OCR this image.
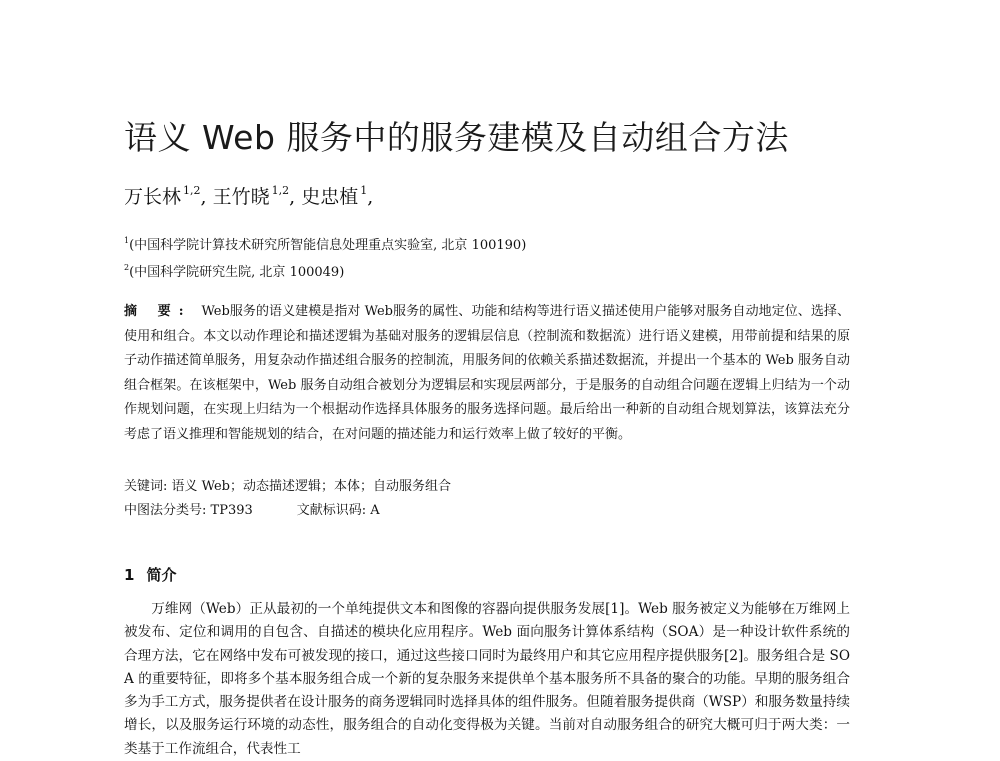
语义 Web 服务中的服务建模及自动组合方法
万长林 $^{1,2}$, 王竹晓 $^{1,2}$, 史忠植 $^1$,
$^1$(中国科学院计算技术研究所智能信息处理重点实验室, 北京 100190)
$^2$(中国科学院研究生院, 北京 100049)
摘 要: Web服务的语义建模是指对 Web服务的属性、功能和结构等进行语义描述使用户能够对服务自动地定位、选择、使用和组合。本文以动作理论和描述逻辑为基础对服务的逻辑层信息（控制流和数据流）进行语义建模，用带前提和结果的原子动作描述简单服务，用复杂动作描述组合服务的控制流，用服务间的依赖关系描述数据流，并提出一个基本的 Web 服务自动组合框架。在该框架中，Web 服务自动组合被划分为逻辑层和实现层两部分，于是服务的自动组合问题在逻辑上归结为一个动作规划问题，在实现上归结为一个根据动作选择具体服务的服务选择问题。最后给出一种新的自动组合规划算法，该算法充分考虑了语义推理和智能规划的结合，在对问题的描述能力和运行效率上做了较好的平衡。
关键词: 语义 Web；动态描述逻辑；本体；自动服务组合
中图法分类号: TP393	文献标识码: A
1 简介
万维网（Web）正从最初的一个单纯提供文本和图像的容器向提供服务发展[1]。Web 服务被定义为能够在万维网上被发布、定位和调用的自包含、自描述的模块化应用程序。Web 面向服务计算体系结构（SOA）是一种设计软件系统的合理方法，它在网络中发布可被发现的接口，通过这些接口同时为最终用户和其它应用程序提供服务[2]。服务组合是 SOA 的重要特征，即将多个基本服务组合成一个新的复杂服务来提供单个基本服务所不具备的聚合的功能。早期的服务组合多为手工方式，服务提供者在设计服务的商务逻辑同时选择具体的组件服务。但随着服务提供商（WSP）和服务数量持续增长，以及服务运行环境的动态性，服务组合的自动化变得极为关键。当前对自动服务组合的研究大概可归于两大类：一类基于工作流组合，代表性工
